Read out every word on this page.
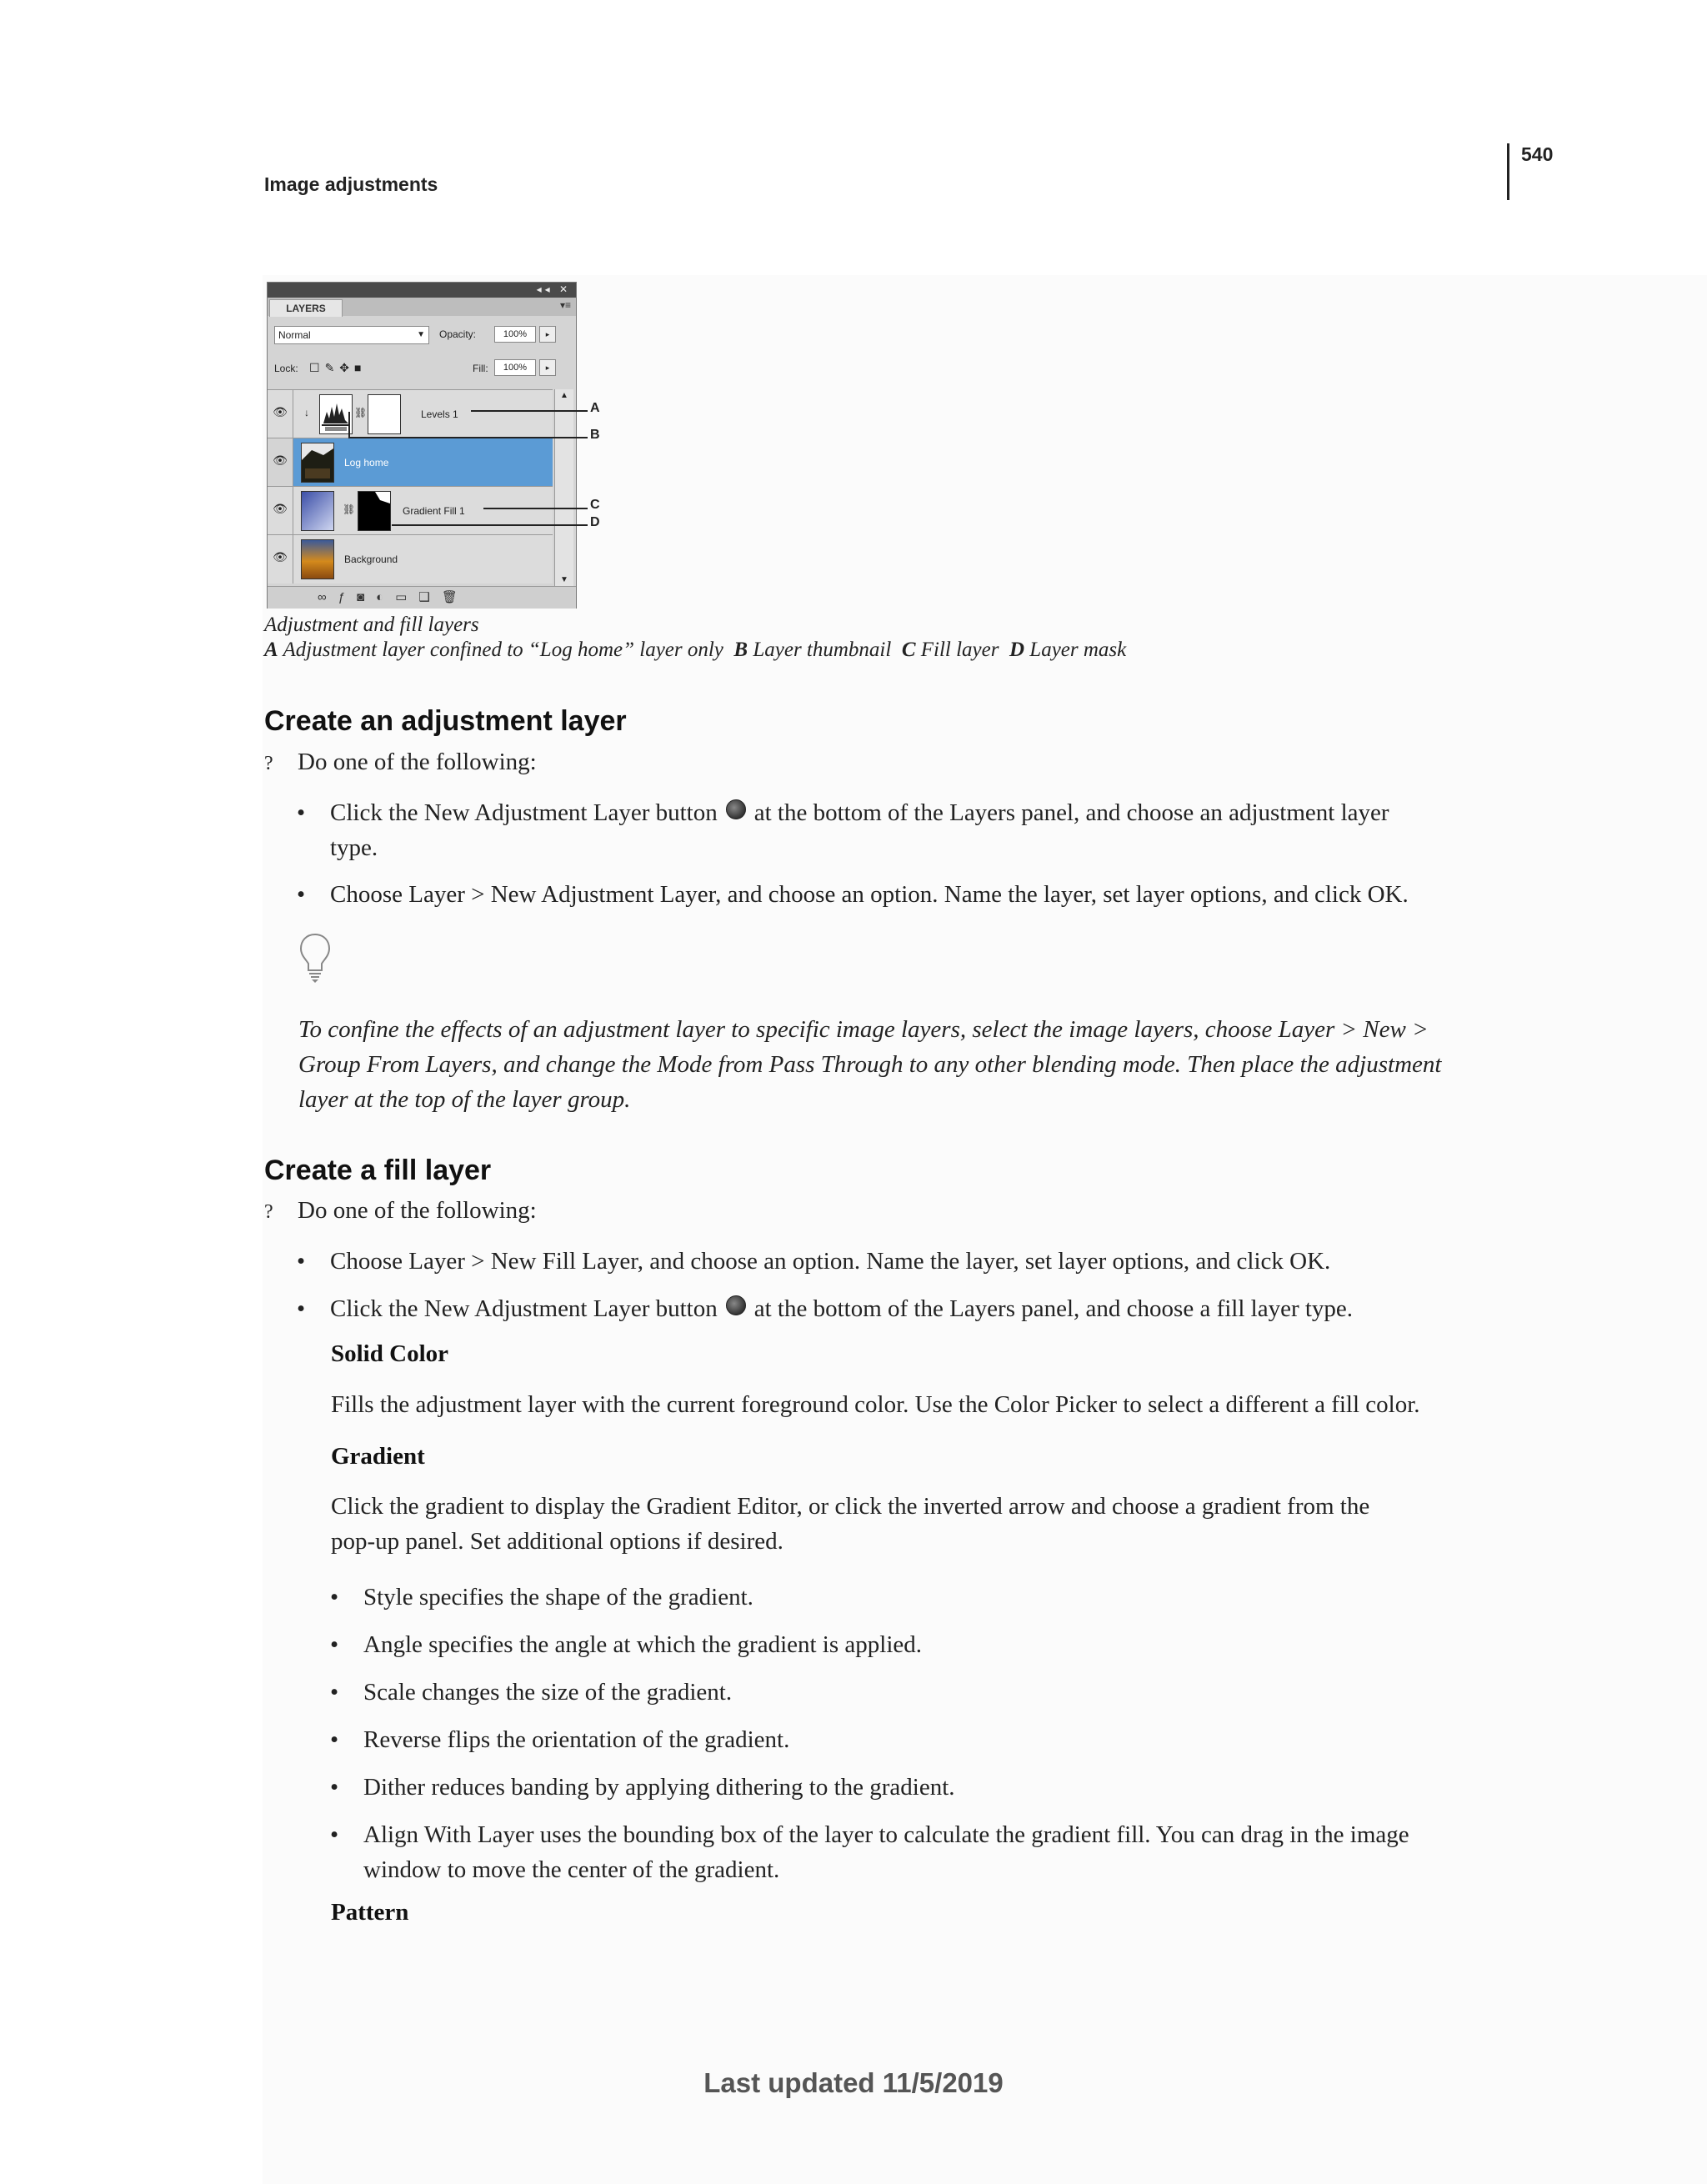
Image adjustments
540
◂◂ ✕
LAYERS	▾≡
Normal	▼ Opacity:	100%	▸
Lock: ☐✎✥■	Fill:	100%	▸
👁 ↓	⛓	Levels 1
👁	Log home
👁	⛓	Gradient Fill 1
👁	Background
▲
▼
∞ƒ◙◐▭❑🗑
A
B
C
D
Adjustment and fill layers
A Adjustment layer confined to “Log home” layer only B Layer thumbnail C Fill layer D Layer mask
Create an adjustment layer
? Do one of the following:
• Click the New Adjustment Layer button at the bottom of the Layers panel, and choose an adjustment layer
type.
• Choose Layer > New Adjustment Layer, and choose an option. Name the layer, set layer options, and click OK.
To confine the effects of an adjustment layer to specific image layers, select the image layers, choose Layer > New >
Group From Layers, and change the Mode from Pass Through to any other blending mode. Then place the adjustment
layer at the top of the layer group.
Create a fill layer
? Do one of the following:
• Choose Layer > New Fill Layer, and choose an option. Name the layer, set layer options, and click OK.
• Click the New Adjustment Layer button at the bottom of the Layers panel, and choose a fill layer type.
Solid Color
Fills the adjustment layer with the current foreground color. Use the Color Picker to select a different a fill color.
Gradient
Click the gradient to display the Gradient Editor, or click the inverted arrow and choose a gradient from the
pop-up panel. Set additional options if desired.
• Style specifies the shape of the gradient.
• Angle specifies the angle at which the gradient is applied.
• Scale changes the size of the gradient.
• Reverse flips the orientation of the gradient.
• Dither reduces banding by applying dithering to the gradient.
• Align With Layer uses the bounding box of the layer to calculate the gradient fill. You can drag in the image
window to move the center of the gradient.
Pattern
Last updated 11/5/2019
